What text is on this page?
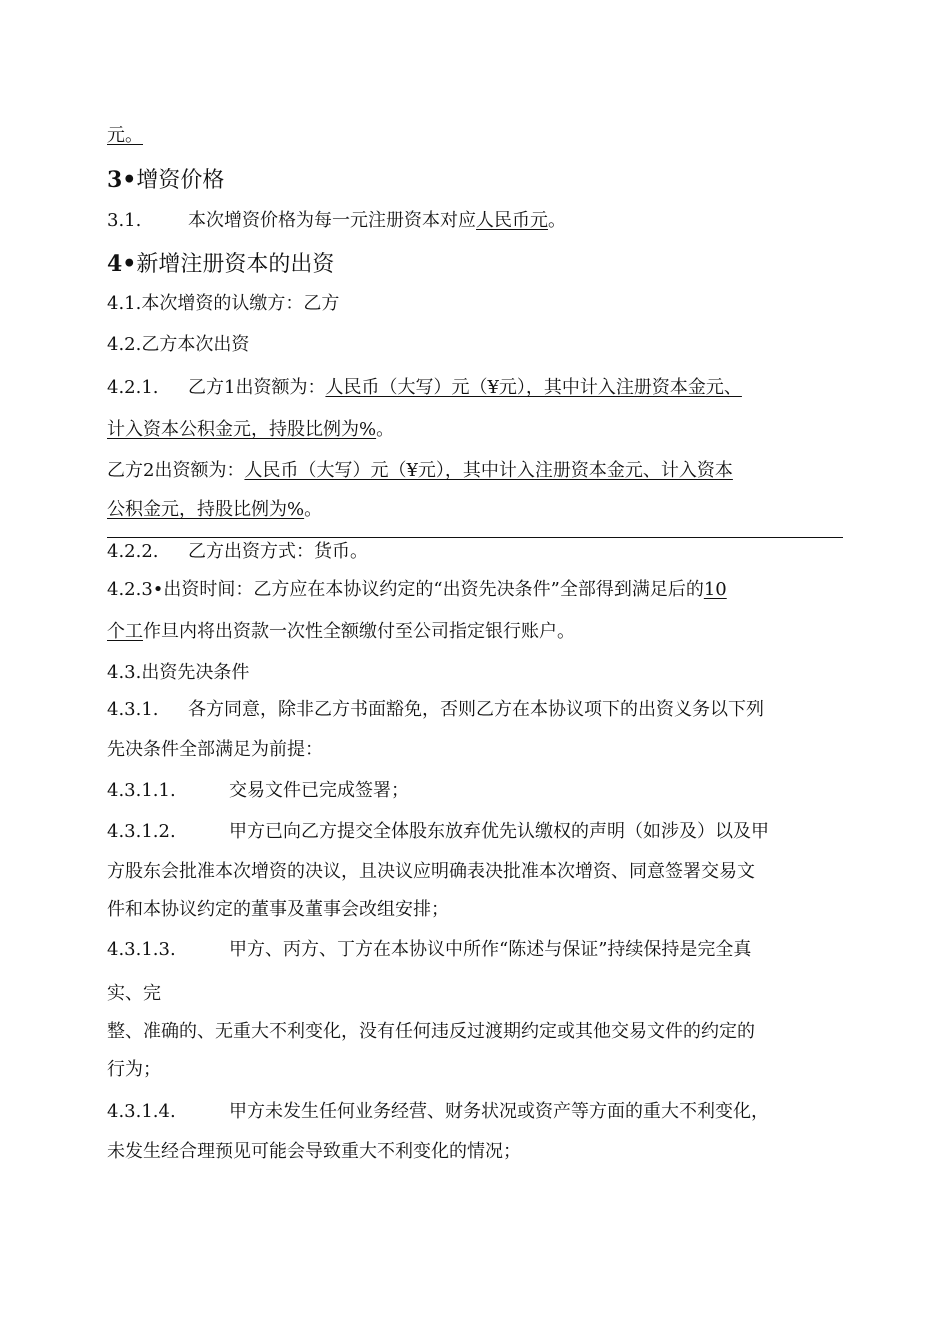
元。
3•增资价格
3.1.	本次增资价格为每一元注册资本对应人民币元。
4•新增注册资本的出资
4.1.本次增资的认缴方：乙方
4.2.乙方本次出资
4.2.1. 乙方1出资额为：人民币（大写）元（¥元），其中计入注册资本金元、
计入资本公积金元，持股比例为%。
乙方2出资额为：人民币（大写）元（¥元），其中计入注册资本金元、计入资本
公积金元，持股比例为%。
4.2.2. 乙方出资方式：货币。
4.2.3•出资时间：乙方应在本协议约定的“出资先决条件”全部得到满足后的10
个工作旦内将出资款一次性全额缴付至公司指定银行账户。
4.3.出资先决条件
4.3.1. 各方同意，除非乙方书面豁免，否则乙方在本协议项下的出资义务以下列
先决条件全部满足为前提：
4.3.1.1.	交易文件已完成签署；
4.3.1.2.	甲方已向乙方提交全体股东放弃优先认缴权的声明（如涉及）以及甲
方股东会批准本次增资的决议，且决议应明确表决批准本次增资、同意签署交易文
件和本协议约定的董事及董事会改组安排；
4.3.1.3.	甲方、丙方、丁方在本协议中所作“陈述与保证”持续保持是完全真
实、完
整、准确的、无重大不利变化，没有任何违反过渡期约定或其他交易文件的约定的
行为；
4.3.1.4.	甲方未发生任何业务经营、财务状况或资产等方面的重大不利变化，
未发生经合理预见可能会导致重大不利变化的情况；
